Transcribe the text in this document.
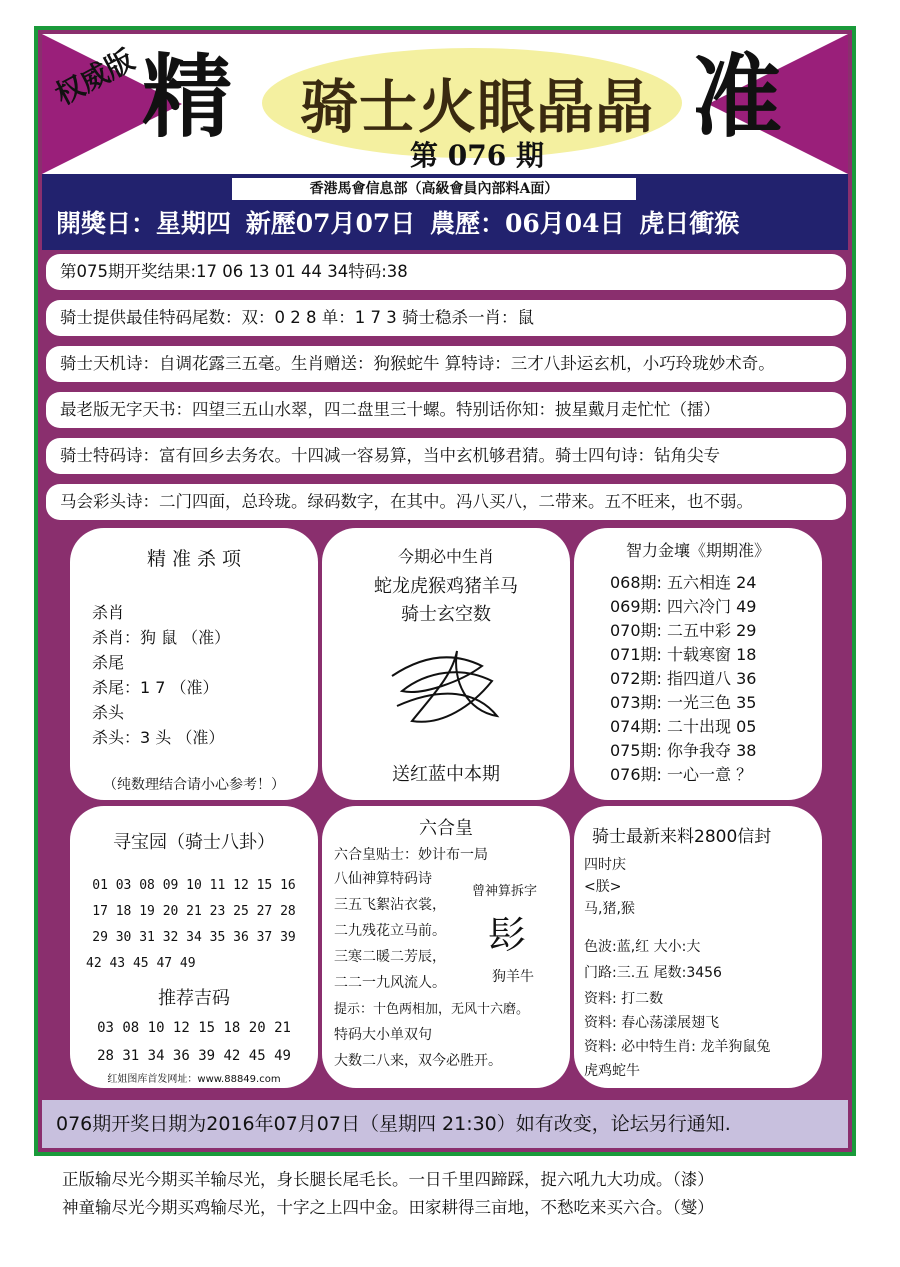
权威版 精	准
骑士火眼晶晶
第 076 期
香港馬會信息部（高級會員內部料A面）
開獎日：星期四 新歷07月07日 農歷：06月04日 虎日衝猴
第075期开奖结果:17 06 13 01 44 34特码:38
骑士提供最佳特码尾数：双：0 2 8 单：1 7 3 骑士稳杀一肖：鼠
骑士天机诗：自调花露三五毫。生肖赠送：狗猴蛇牛 算特诗：三才八卦运玄机，小巧玲珑妙术奇。
最老版无字天书：四望三五山水翠，四二盘里三十螺。特别话你知：披星戴月走忙忙（擂）
骑士特码诗：富有回乡去务农。十四减一容易算，当中玄机够君猜。骑士四句诗：钻角尖专
马会彩头诗：二门四面，总玲珑。绿码数字，在其中。冯八买八，二带来。五不旺来，也不弱。
精 准 杀 项
杀肖
杀肖：狗 鼠 （准）
杀尾
杀尾：1 7 （准）
杀头
杀头：3 头 （准）
（纯数理结合请小心参考！）
今期必中生肖
蛇龙虎猴鸡猪羊马
骑士玄空数
送红蓝中本期
智力金壤《期期准》
068期: 五六相连 24
069期: 四六冷门 49
070期: 二五中彩 29
071期: 十载寒窗 18
072期: 指四道八 36
073期: 一光三色 35
074期: 二十出现 05
075期: 你争我夺 38
076期: 一心一意 ？
寻宝园（骑士八卦）
01 03 08 09 10 11 12 15 16
17 18 19 20 21 23 25 27 28
29 30 31 32 34 35 36 37 39
42 43 45 47 49
推荐吉码
03 08 10 12 15 18 20 21
28 31 34 36 39 42 45 49
红姐图库首发网址：www.88849.com
六合皇
六合皇贴士：妙计布一局
八仙神算特码诗
三五飞絮沾衣裳，
二九残花立马前。
三寒二暖二芳辰，
二二一九风流人。
提示：十色两相加，无风十六磨。
特码大小单双句
大数二八来，双今必胜开。
曾神算拆字
髟
狗羊牛
骑士最新来料2800信封
四时庆
<朕>
马,猪,猴
色波:蓝,红 大小:大
门路:三.五 尾数:3456
资料: 打二数
资料: 春心荡漾展翅飞
资料: 必中特生肖: 龙羊狗鼠兔
虎鸡蛇牛
076期开奖日期为2016年07月07日（星期四 21:30）如有改变，论坛另行通知.
正版输尽光今期买羊输尽光，身长腿长尾毛长。一日千里四蹄踩，捉六吼九大功成。（漆）
神童输尽光今期买鸡输尽光，十字之上四中金。田家耕得三亩地，不愁吃来买六合。（燮）
